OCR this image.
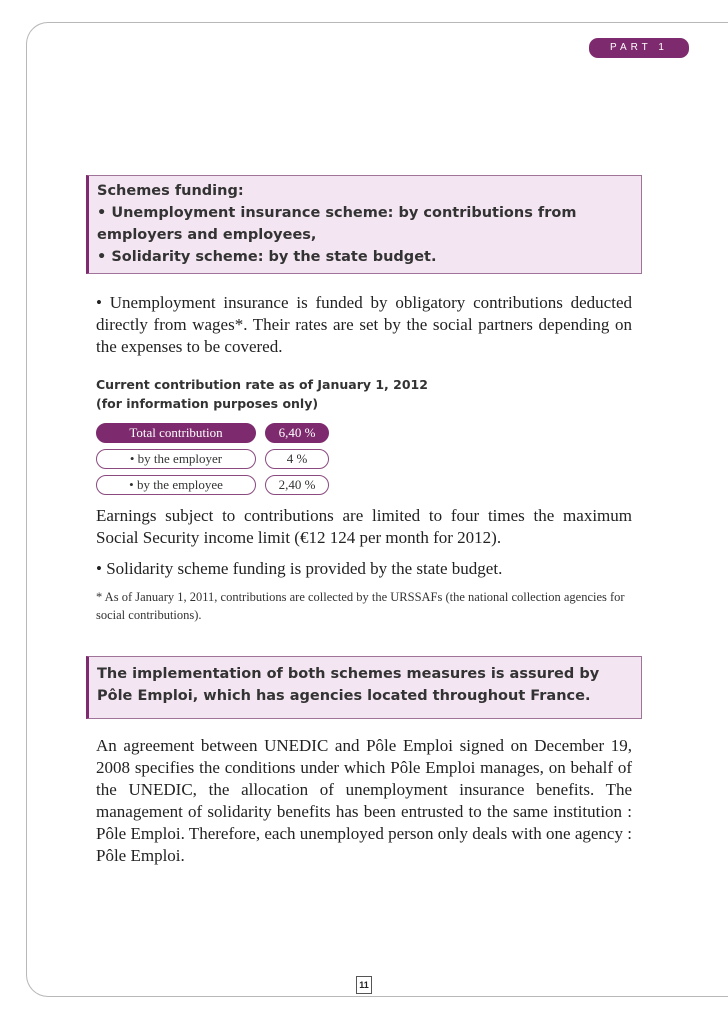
PART 1
Schemes funding:
• Unemployment insurance scheme: by contributions from employers and employees,
• Solidarity scheme: by the state budget.

• Unemployment insurance is funded by obligatory contributions deducted directly from wages*. Their rates are set by the social partners depending on the expenses to be covered.

Current contribution rate as of January 1, 2012
(for information purposes only)
Total contribution	6,40 %
• by the employer	4 %
• by the employee	2,40 %

Earnings subject to contributions are limited to four times the maximum Social Security income limit (€12 124 per month for 2012).

• Solidarity scheme funding is provided by the state budget.

* As of January 1, 2011, contributions are collected by the URSSAFs (the national collection agencies for social contributions).

The implementation of both schemes measures is assured by Pôle Emploi, which has agencies located throughout France.

An agreement between UNEDIC and Pôle Emploi signed on December 19, 2008 specifies the conditions under which Pôle Emploi manages, on behalf of the UNEDIC, the allocation of unemployment insurance benefits. The management of solidarity benefits has been entrusted to the same institution : Pôle Emploi. Therefore, each unemployed person only deals with one agency : Pôle Emploi.

11
